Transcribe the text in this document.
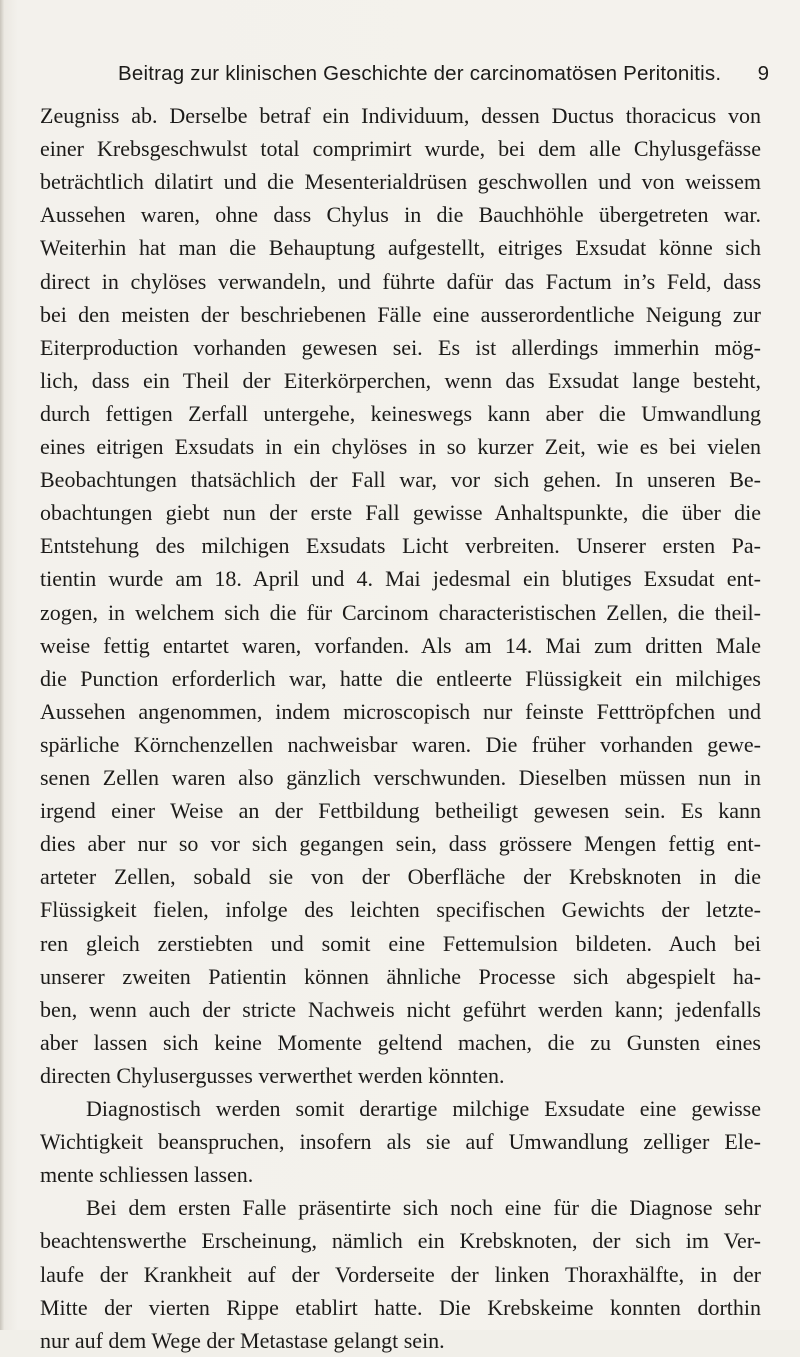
Beitrag zur klinischen Geschichte der carcinomatösen Peritonitis. 9
Zeugniss ab. Derselbe betraf ein Individuum, dessen Ductus thoracicus von
einer Krebsgeschwulst total comprimirt wurde, bei dem alle Chylusgefässe
beträchtlich dilatirt und die Mesenterialdrüsen geschwollen und von weissem
Aussehen waren, ohne dass Chylus in die Bauchhöhle übergetreten war.
Weiterhin hat man die Behauptung aufgestellt, eitriges Exsudat könne sich
direct in chylöses verwandeln, und führte dafür das Factum in’s Feld, dass
bei den meisten der beschriebenen Fälle eine ausserordentliche Neigung zur
Eiterproduction vorhanden gewesen sei. Es ist allerdings immerhin mög-
lich, dass ein Theil der Eiterkörperchen, wenn das Exsudat lange besteht,
durch fettigen Zerfall untergehe, keineswegs kann aber die Umwandlung
eines eitrigen Exsudats in ein chylöses in so kurzer Zeit, wie es bei vielen
Beobachtungen thatsächlich der Fall war, vor sich gehen. In unseren Be-
obachtungen giebt nun der erste Fall gewisse Anhaltspunkte, die über die
Entstehung des milchigen Exsudats Licht verbreiten. Unserer ersten Pa-
tientin wurde am 18. April und 4. Mai jedesmal ein blutiges Exsudat ent-
zogen, in welchem sich die für Carcinom characteristischen Zellen, die theil-
weise fettig entartet waren, vorfanden. Als am 14. Mai zum dritten Male
die Punction erforderlich war, hatte die entleerte Flüssigkeit ein milchiges
Aussehen angenommen, indem microscopisch nur feinste Fetttröpfchen und
spärliche Körnchenzellen nachweisbar waren. Die früher vorhanden gewe-
senen Zellen waren also gänzlich verschwunden. Dieselben müssen nun in
irgend einer Weise an der Fettbildung betheiligt gewesen sein. Es kann
dies aber nur so vor sich gegangen sein, dass grössere Mengen fettig ent-
arteter Zellen, sobald sie von der Oberfläche der Krebsknoten in die
Flüssigkeit fielen, infolge des leichten specifischen Gewichts der letzte-
ren gleich zerstiebten und somit eine Fettemulsion bildeten. Auch bei
unserer zweiten Patientin können ähnliche Processe sich abgespielt ha-
ben, wenn auch der stricte Nachweis nicht geführt werden kann; jedenfalls
aber lassen sich keine Momente geltend machen, die zu Gunsten eines
directen Chylusergusses verwerthet werden könnten.
Diagnostisch werden somit derartige milchige Exsudate eine gewisse
Wichtigkeit beanspruchen, insofern als sie auf Umwandlung zelliger Ele-
mente schliessen lassen.
Bei dem ersten Falle präsentirte sich noch eine für die Diagnose sehr
beachtenswerthe Erscheinung, nämlich ein Krebsknoten, der sich im Ver-
laufe der Krankheit auf der Vorderseite der linken Thoraxhälfte, in der
Mitte der vierten Rippe etablirt hatte. Die Krebskeime konnten dorthin
nur auf dem Wege der Metastase gelangt sein.
